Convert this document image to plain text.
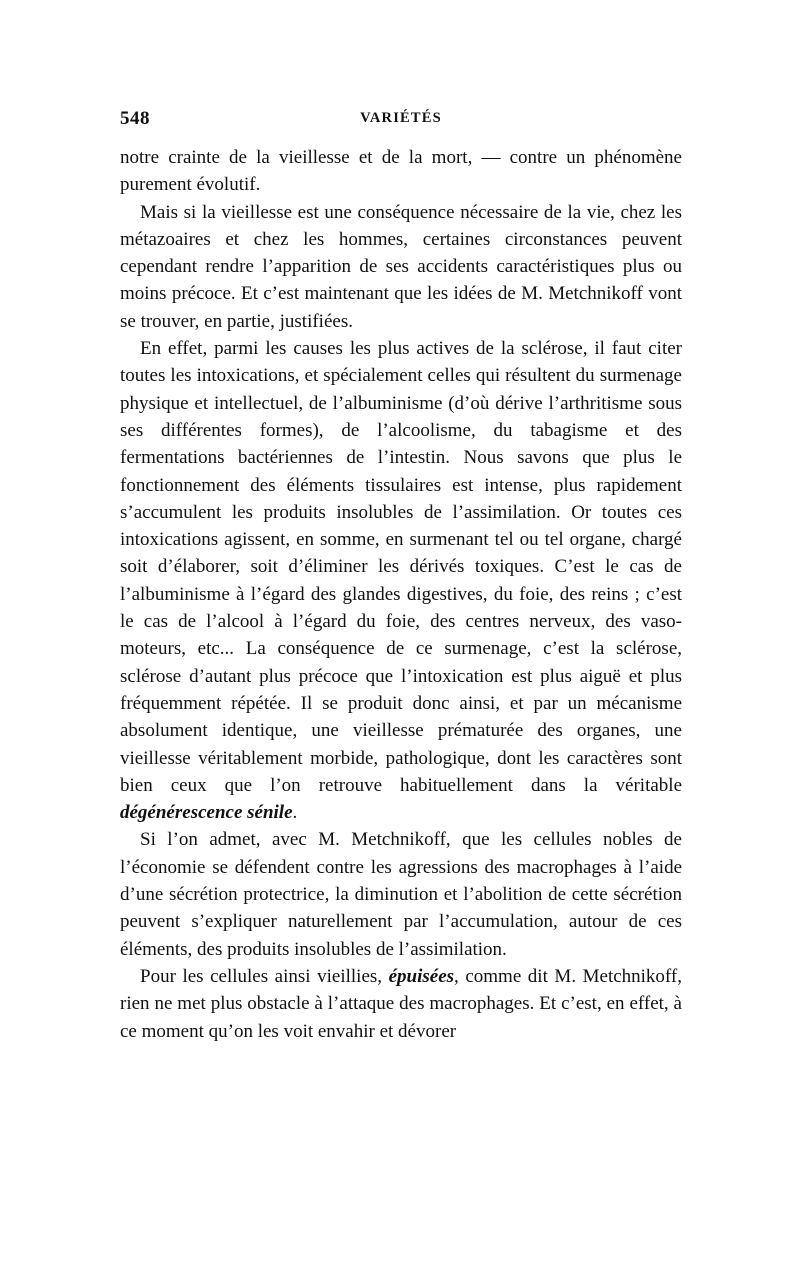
548	VARIÉTÉS

notre crainte de la vieillesse et de la mort, — contre un phénomène purement évolutif.

Mais si la vieillesse est une conséquence nécessaire de la vie, chez les métazoaires et chez les hommes, certaines circonstances peuvent cependant rendre l’apparition de ses accidents caractéristiques plus ou moins précoce. Et c’est maintenant que les idées de M. Metchnikoff vont se trouver, en partie, justifiées.

En effet, parmi les causes les plus actives de la sclérose, il faut citer toutes les intoxications, et spécialement celles qui résultent du surmenage physique et intellectuel, de l’albuminisme (d’où dérive l’arthritisme sous ses différentes formes), de l’alcoolisme, du tabagisme et des fermentations bactériennes de l’intestin. Nous savons que plus le fonctionnement des éléments tissulaires est intense, plus rapidement s’accumulent les produits insolubles de l’assimilation. Or toutes ces intoxications agissent, en somme, en surmenant tel ou tel organe, chargé soit d’élaborer, soit d’éliminer les dérivés toxiques. C’est le cas de l’albuminisme à l’égard des glandes digestives, du foie, des reins ; c’est le cas de l’alcool à l’égard du foie, des centres nerveux, des vaso-moteurs, etc... La conséquence de ce surmenage, c’est la sclérose, sclérose d’autant plus précoce que l’intoxication est plus aiguë et plus fréquemment répétée. Il se produit donc ainsi, et par un mécanisme absolument identique, une vieillesse prématurée des organes, une vieillesse véritablement morbide, pathologique, dont les caractères sont bien ceux que l’on retrouve habituellement dans la véritable dégénérescence sénile.

Si l’on admet, avec M. Metchnikoff, que les cellules nobles de l’économie se défendent contre les agressions des macrophages à l’aide d’une sécrétion protectrice, la diminution et l’abolition de cette sécrétion peuvent s’expliquer naturellement par l’accumulation, autour de ces éléments, des produits insolubles de l’assimilation.

Pour les cellules ainsi vieillies, épuisées, comme dit M. Metchnikoff, rien ne met plus obstacle à l’attaque des macrophages. Et c’est, en effet, à ce moment qu’on les voit envahir et dévorer
